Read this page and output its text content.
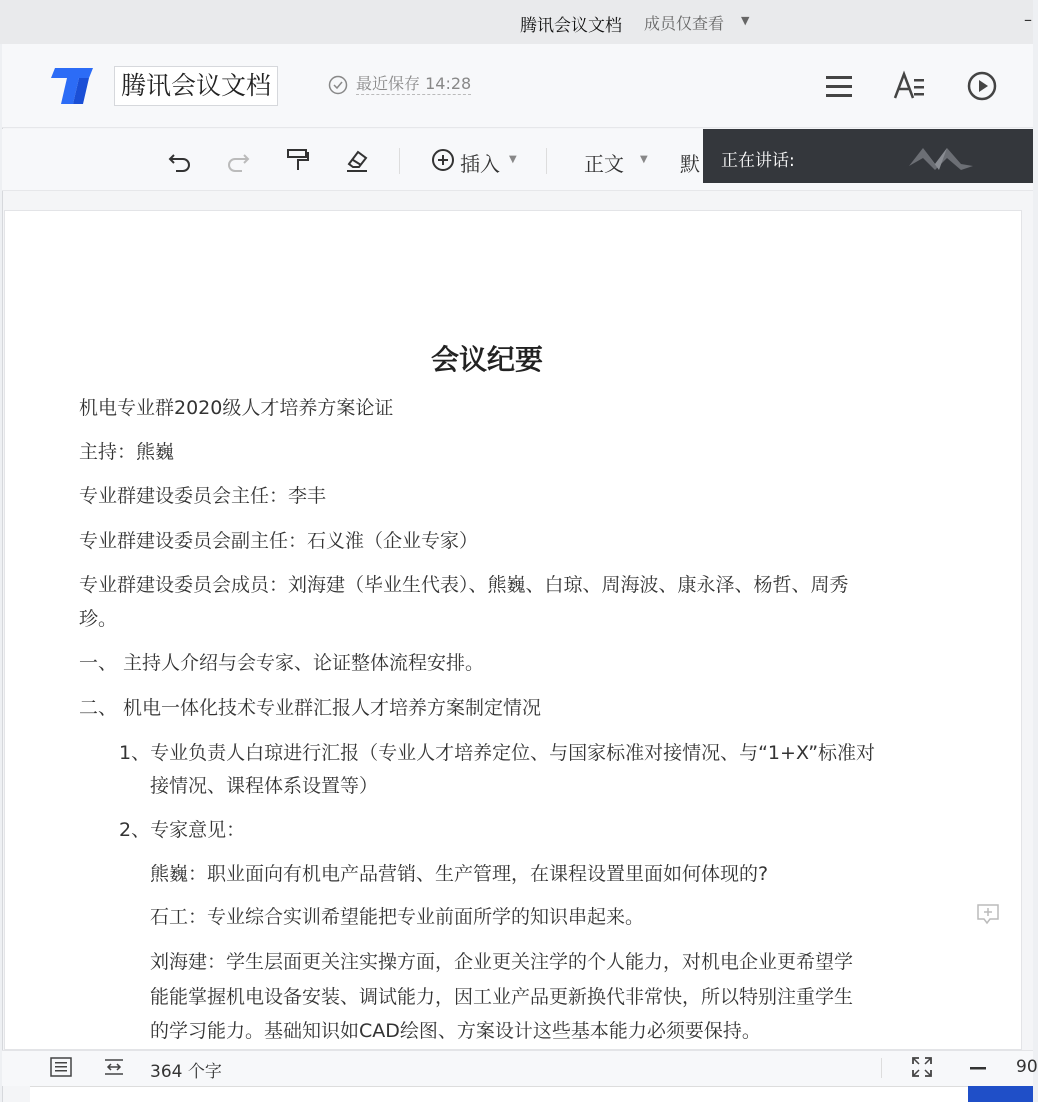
腾讯会议文档 成员仅查看 ▼	–
腾讯会议文档	最近保存 14:28
插入 ▼	正文 ▼ 默 正在讲话:
会议纪要
机电专业群2020级人才培养方案论证
主持：熊巍
专业群建设委员会主任：李丰
专业群建设委员会副主任：石义淮（企业专家）
专业群建设委员会成员：刘海建（毕业生代表）、熊巍、白琼、周海波、康永泽、杨哲、周秀
珍。
一、 主持人介绍与会专家、论证整体流程安排。
二、 机电一体化技术专业群汇报人才培养方案制定情况
1、专业负责人白琼进行汇报（专业人才培养定位、与国家标准对接情况、与“1+X”标准对
接情况、课程体系设置等）
2、专家意见：
熊巍：职业面向有机电产品营销、生产管理，在课程设置里面如何体现的?
石工：专业综合实训希望能把专业前面所学的知识串起来。
刘海建：学生层面更关注实操方面，企业更关注学的个人能力，对机电企业更希望学
能能掌握机电设备安装、调试能力，因工业产品更新换代非常快，所以特别注重学生
的学习能力。基础知识如CAD绘图、方案设计这些基本能力必须要保持。
364 个字	90
